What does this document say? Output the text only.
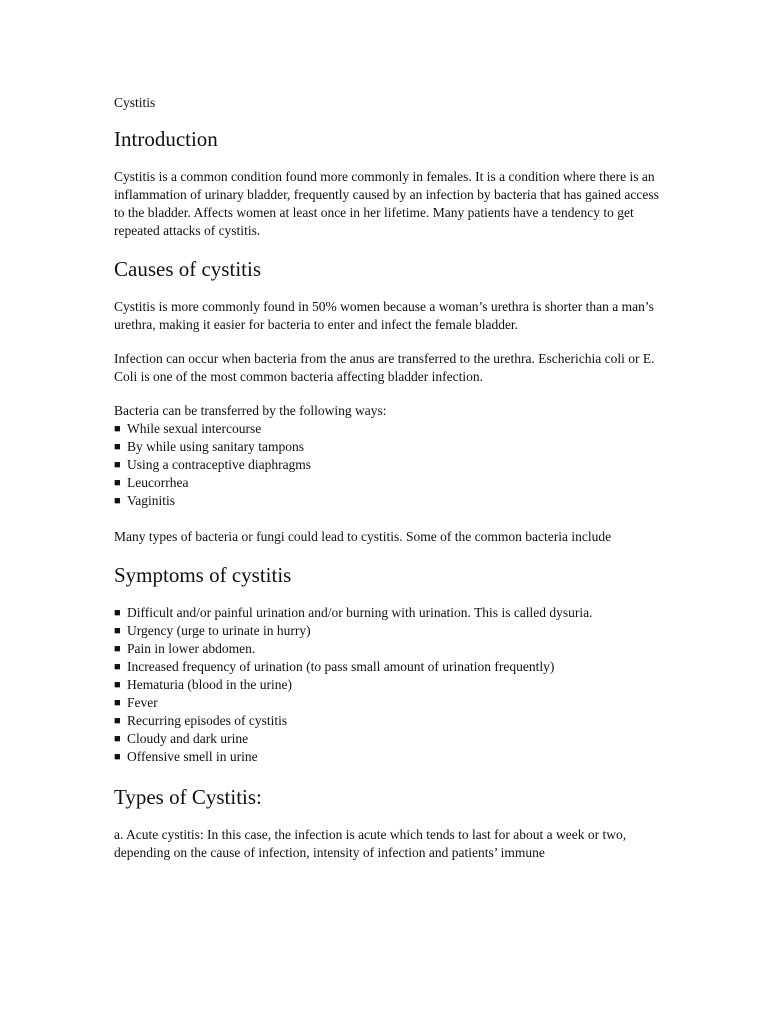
Cystitis
Introduction

Cystitis is a common condition found more commonly in females. It is a condition where there is an inflammation of urinary bladder, frequently caused by an infection by bacteria that has gained access to the bladder. Affects women at least once in her lifetime. Many patients have a tendency to get repeated attacks of cystitis.

Causes of cystitis

Cystitis is more commonly found in 50% women because a woman’s urethra is shorter than a man’s urethra, making it easier for bacteria to enter and infect the female bladder.

Infection can occur when bacteria from the anus are transferred to the urethra. Escherichia coli or E. Coli is one of the most common bacteria affecting bladder infection.

Bacteria can be transferred by the following ways:

■ While sexual intercourse
■ By while using sanitary tampons
■ Using a contraceptive diaphragms
■ Leucorrhea
■ Vaginitis

Many types of bacteria or fungi could lead to cystitis. Some of the common bacteria include

Symptoms of cystitis
■ Difficult and/or painful urination and/or burning with urination. This is called dysuria.
■ Urgency (urge to urinate in hurry)
■ Pain in lower abdomen.
■ Increased frequency of urination (to pass small amount of urination frequently)
■ Hematuria (blood in the urine)
■ Fever
■ Recurring episodes of cystitis
■ Cloudy and dark urine
■ Offensive smell in urine
Types of Cystitis:

a. Acute cystitis: In this case, the infection is acute which tends to last for about a week or two, depending on the cause of infection, intensity of infection and patients’ immune
